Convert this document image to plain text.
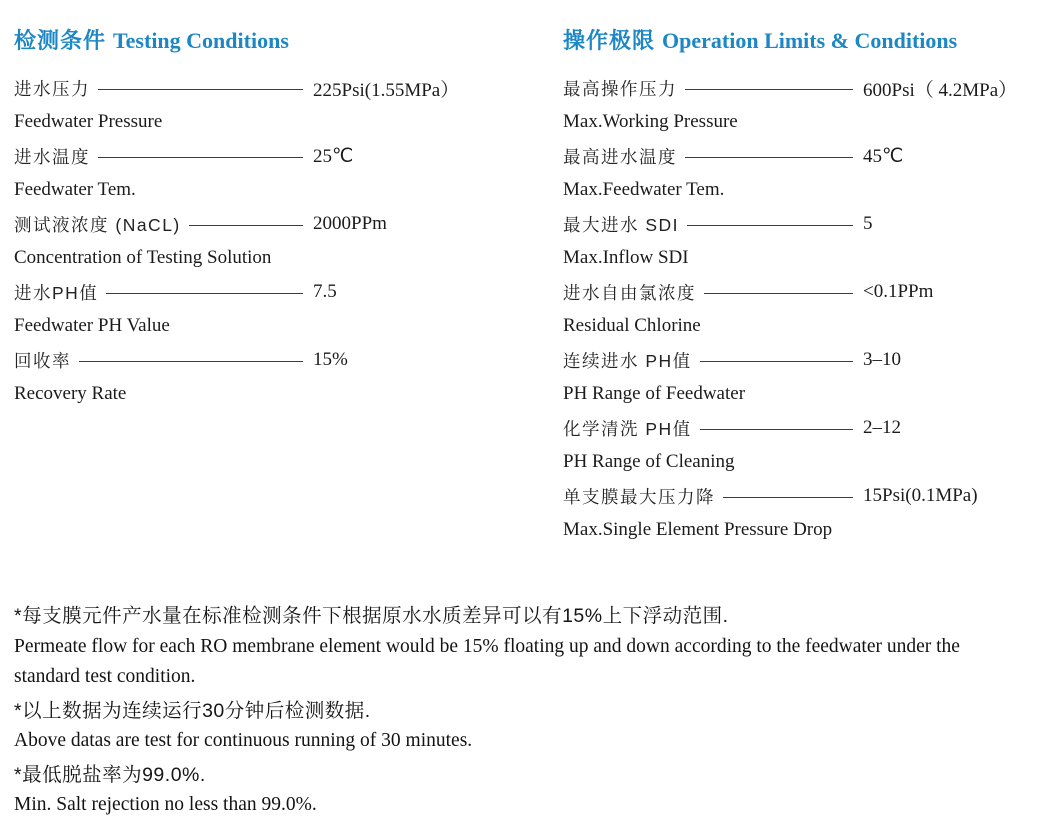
检测条件 Testing Conditions
进水压力	225Psi(1.55MPa）
Feedwater Pressure
进水温度	25℃
Feedwater Tem.
测试液浓度 (NaCL)	2000PPm
Concentration of Testing Solution
进水PH值	7.5
Feedwater PH Value
回收率	15%
Recovery Rate
操作极限 Operation Limits & Conditions
最高操作压力	600Psi（ 4.2MPa）
Max.Working Pressure
最高进水温度	45℃
Max.Feedwater Tem.
最大进水 SDI	5
Max.Inflow SDI
进水自由氯浓度	<0.1PPm
Residual Chlorine
连续进水 PH值	3–10
PH Range of Feedwater
化学清洗 PH值	2–12
PH Range of Cleaning
单支膜最大压力降	15Psi(0.1MPa)
Max.Single Element Pressure Drop

*每支膜元件产水量在标准检测条件下根据原水水质差异可以有15%上下浮动范围.

Permeate flow for each RO membrane element would be 15% floating up and down according to the feedwater under the standard test condition.

*以上数据为连续运行30分钟后检测数据.

Above datas are test for continuous running of 30 minutes.

*最低脱盐率为99.0%.

Min. Salt rejection no less than 99.0%.
